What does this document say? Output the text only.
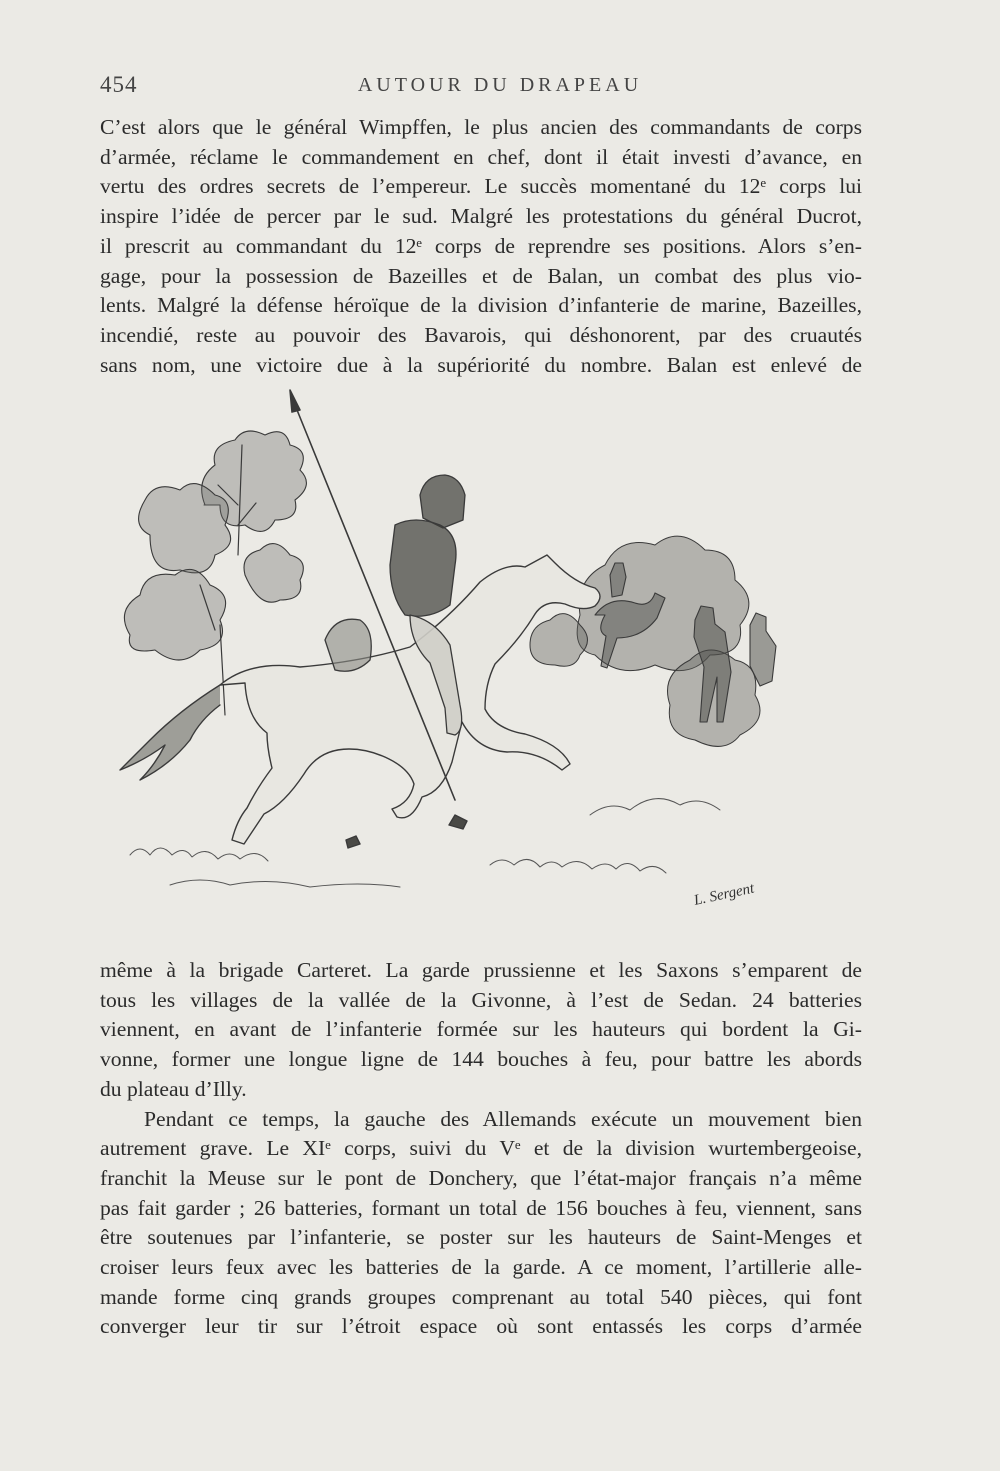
454	AUTOUR DU DRAPEAU
C’est alors que le général Wimpffen, le plus ancien des commandants de corps
d’armée, réclame le commandement en chef, dont il était investi d’avance, en
vertu des ordres secrets de l’empereur. Le succès momentané du 12ᵉ corps lui
inspire l’idée de percer par le sud. Malgré les protestations du général Ducrot,
il prescrit au commandant du 12ᵉ corps de reprendre ses positions. Alors s’en-
gage, pour la possession de Bazeilles et de Balan, un combat des plus vio-
lents. Malgré la défense héroïque de la division d’infanterie de marine, Bazeilles,
incendié, reste au pouvoir des Bavarois, qui déshonorent, par des cruautés
sans nom, une victoire due à la supériorité du nombre. Balan est enlevé de
L. Sergent
même à la brigade Carteret. La garde prussienne et les Saxons s’emparent de
tous les villages de la vallée de la Givonne, à l’est de Sedan. 24 batteries
viennent, en avant de l’infanterie formée sur les hauteurs qui bordent la Gi-
vonne, former une longue ligne de 144 bouches à feu, pour battre les abords
du plateau d’Illy.
Pendant ce temps, la gauche des Allemands exécute un mouvement bien
autrement grave. Le XIᵉ corps, suivi du Vᵉ et de la division wurtembergeoise,
franchit la Meuse sur le pont de Donchery, que l’état-major français n’a même
pas fait garder ; 26 batteries, formant un total de 156 bouches à feu, viennent, sans
être soutenues par l’infanterie, se poster sur les hauteurs de Saint-Menges et
croiser leurs feux avec les batteries de la garde. A ce moment, l’artillerie alle-
mande forme cinq grands groupes comprenant au total 540 pièces, qui font
converger leur tir sur l’étroit espace où sont entassés les corps d’armée
